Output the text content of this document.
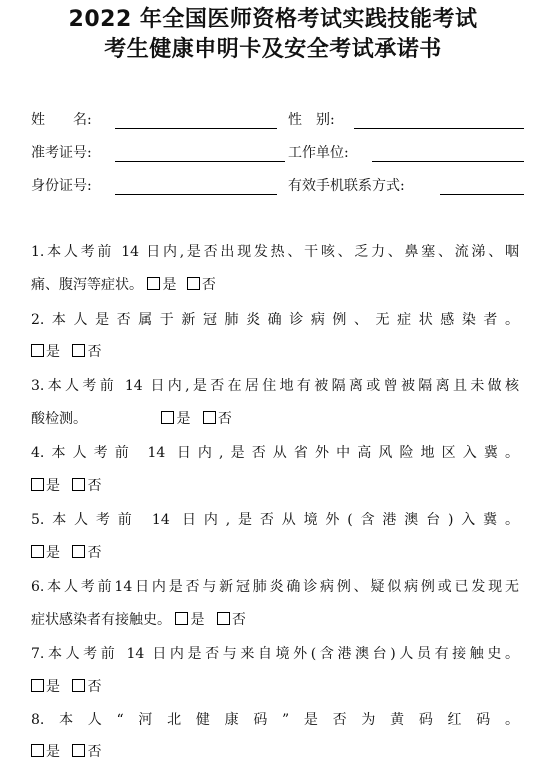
2022 年全国医师资格考试实践技能考试
考生健康申明卡及安全考试承诺书
姓　　名:	性　别:
准考证号:	工作单位:
身份证号:	有效手机联系方式:
1.本人考前 14 日内,是否出现发热、干咳、乏力、鼻塞、流涕、咽
痛、腹泻等症状。 是 否
2.本人是否属于新冠肺炎确诊病例、无症状感染者。
是 否
3.本人考前 14 日内,是否在居住地有被隔离或曾被隔离且未做核
酸检测。	是 否
4.本人考前 14 日内,是否从省外中高风险地区入冀。
是 否
5.本人考前 14 日内,是否从境外(含港澳台)入冀。
是 否
6.本人考前14日内是否与新冠肺炎确诊病例、疑似病例或已发现无
症状感染者有接触史。 是 否
7.本人考前 14 日内是否与来自境外(含港澳台)人员有接触史。
是 否
8.本人“河北健康码”是否为黄码红码。
是 否
